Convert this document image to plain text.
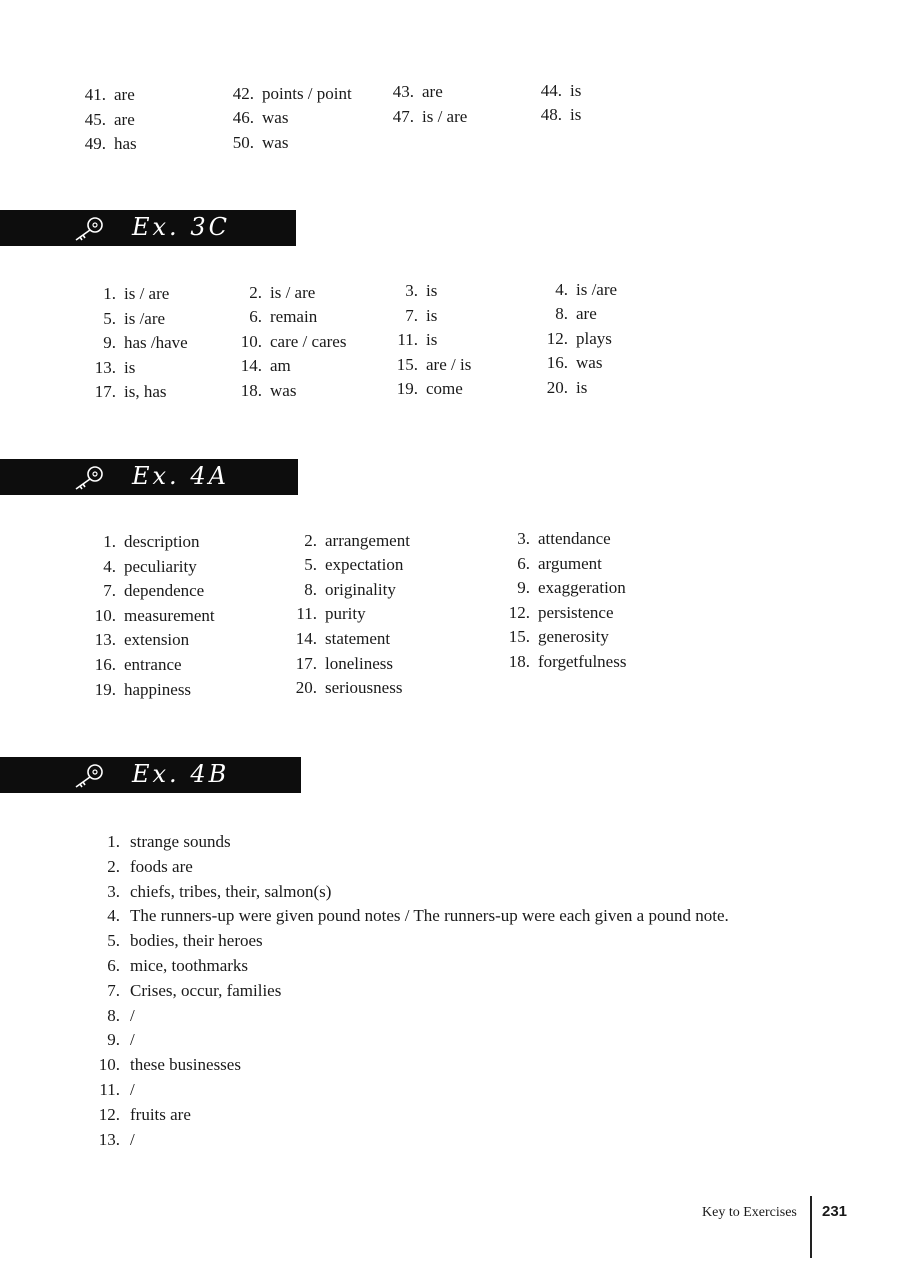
41. are	42. points / point	43. are	44. is
45. are	46. was	47. is / are	48. is
49. has	50. was
Ex. 3C
1. is / are	2. is / are	3. is	4. is /are
5. is /are	6. remain	7. is	8. are
9. has /have	10. care / cares	11. is	12. plays
13. is	14. am	15. are / is	16. was
17. is, has	18. was	19. come	20. is
Ex. 4A
1. description	2. arrangement	3. attendance
4. peculiarity	5. expectation	6. argument
7. dependence	8. originality	9. exaggeration
10. measurement	11. purity	12. persistence
13. extension	14. statement	15. generosity
16. entrance	17. loneliness	18. forgetfulness
19. happiness	20. seriousness
Ex. 4B
1. strange sounds
2. foods are
3. chiefs, tribes, their, salmon(s)
4. The runners-up were given pound notes / The runners-up were each given a pound note.
5. bodies, their heroes
6. mice, toothmarks
7. Crises, occur, families
8. /
9. /
10. these businesses
11. /
12. fruits are
13. /
Key to Exercises 231
